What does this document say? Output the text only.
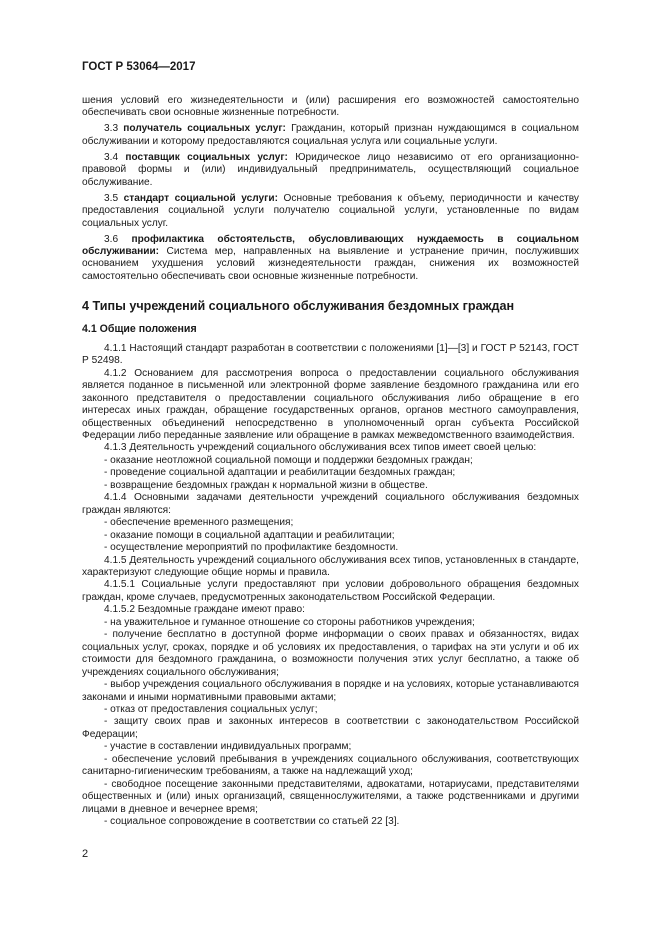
ГОСТ Р 53064—2017

шения условий его жизнедеятельности и (или) расширения его возможностей самостоятельно обеспечивать свои основные жизненные потребности.

3.3 получатель социальных услуг: Гражданин, который признан нуждающимся в социальном обслуживании и которому предоставляются социальная услуга или социальные услуги.

3.4 поставщик социальных услуг: Юридическое лицо независимо от его организационно-правовой формы и (или) индивидуальный предприниматель, осуществляющий социальное обслуживание.

3.5 стандарт социальной услуги: Основные требования к объему, периодичности и качеству предоставления социальной услуги получателю социальной услуги, установленные по видам социальных услуг.

3.6 профилактика обстоятельств, обусловливающих нуждаемость в социальном обслуживании: Система мер, направленных на выявление и устранение причин, послуживших основанием ухудшения условий жизнедеятельности граждан, снижения их возможностей самостоятельно обеспечивать свои основные жизненные потребности.

4 Типы учреждений социального обслуживания бездомных граждан
4.1 Общие положения

4.1.1 Настоящий стандарт разработан в соответствии с положениями [1]—[3] и ГОСТ Р 52143, ГОСТ Р 52498.

4.1.2 Основанием для рассмотрения вопроса о предоставлении социального обслуживания является поданное в письменной или электронной форме заявление бездомного гражданина или его законного представителя о предоставлении социального обслуживания либо обращение в его интересах иных граждан, обращение государственных органов, органов местного самоуправления, общественных объединений непосредственно в уполномоченный орган субъекта Российской Федерации либо переданные заявление или обращение в рамках межведомственного взаимодействия.

4.1.3 Деятельность учреждений социального обслуживания всех типов имеет своей целью:

- оказание неотложной социальной помощи и поддержки бездомных граждан;

- проведение социальной адаптации и реабилитации бездомных граждан;

- возвращение бездомных граждан к нормальной жизни в обществе.

4.1.4 Основными задачами деятельности учреждений социального обслуживания бездомных граждан являются:

- обеспечение временного размещения;

- оказание помощи в социальной адаптации и реабилитации;

- осуществление мероприятий по профилактике бездомности.

4.1.5 Деятельность учреждений социального обслуживания всех типов, установленных в стандарте, характеризуют следующие общие нормы и правила.

4.1.5.1 Социальные услуги предоставляют при условии добровольного обращения бездомных граждан, кроме случаев, предусмотренных законодательством Российской Федерации.

4.1.5.2 Бездомные граждане имеют право:

- на уважительное и гуманное отношение со стороны работников учреждения;

- получение бесплатно в доступной форме информации о своих правах и обязанностях, видах социальных услуг, сроках, порядке и об условиях их предоставления, о тарифах на эти услуги и об их стоимости для бездомного гражданина, о возможности получения этих услуг бесплатно, а также об учреждениях социального обслуживания;

- выбор учреждения социального обслуживания в порядке и на условиях, которые устанавливаются законами и иными нормативными правовыми актами;

- отказ от предоставления социальных услуг;

- защиту своих прав и законных интересов в соответствии с законодательством Российской Федерации;

- участие в составлении индивидуальных программ;

- обеспечение условий пребывания в учреждениях социального обслуживания, соответствующих санитарно-гигиеническим требованиям, а также на надлежащий уход;

- свободное посещение законными представителями, адвокатами, нотариусами, представителями общественных и (или) иных организаций, священнослужителями, а также родственниками и другими лицами в дневное и вечернее время;

- социальное сопровождение в соответствии со статьей 22 [3].

2
